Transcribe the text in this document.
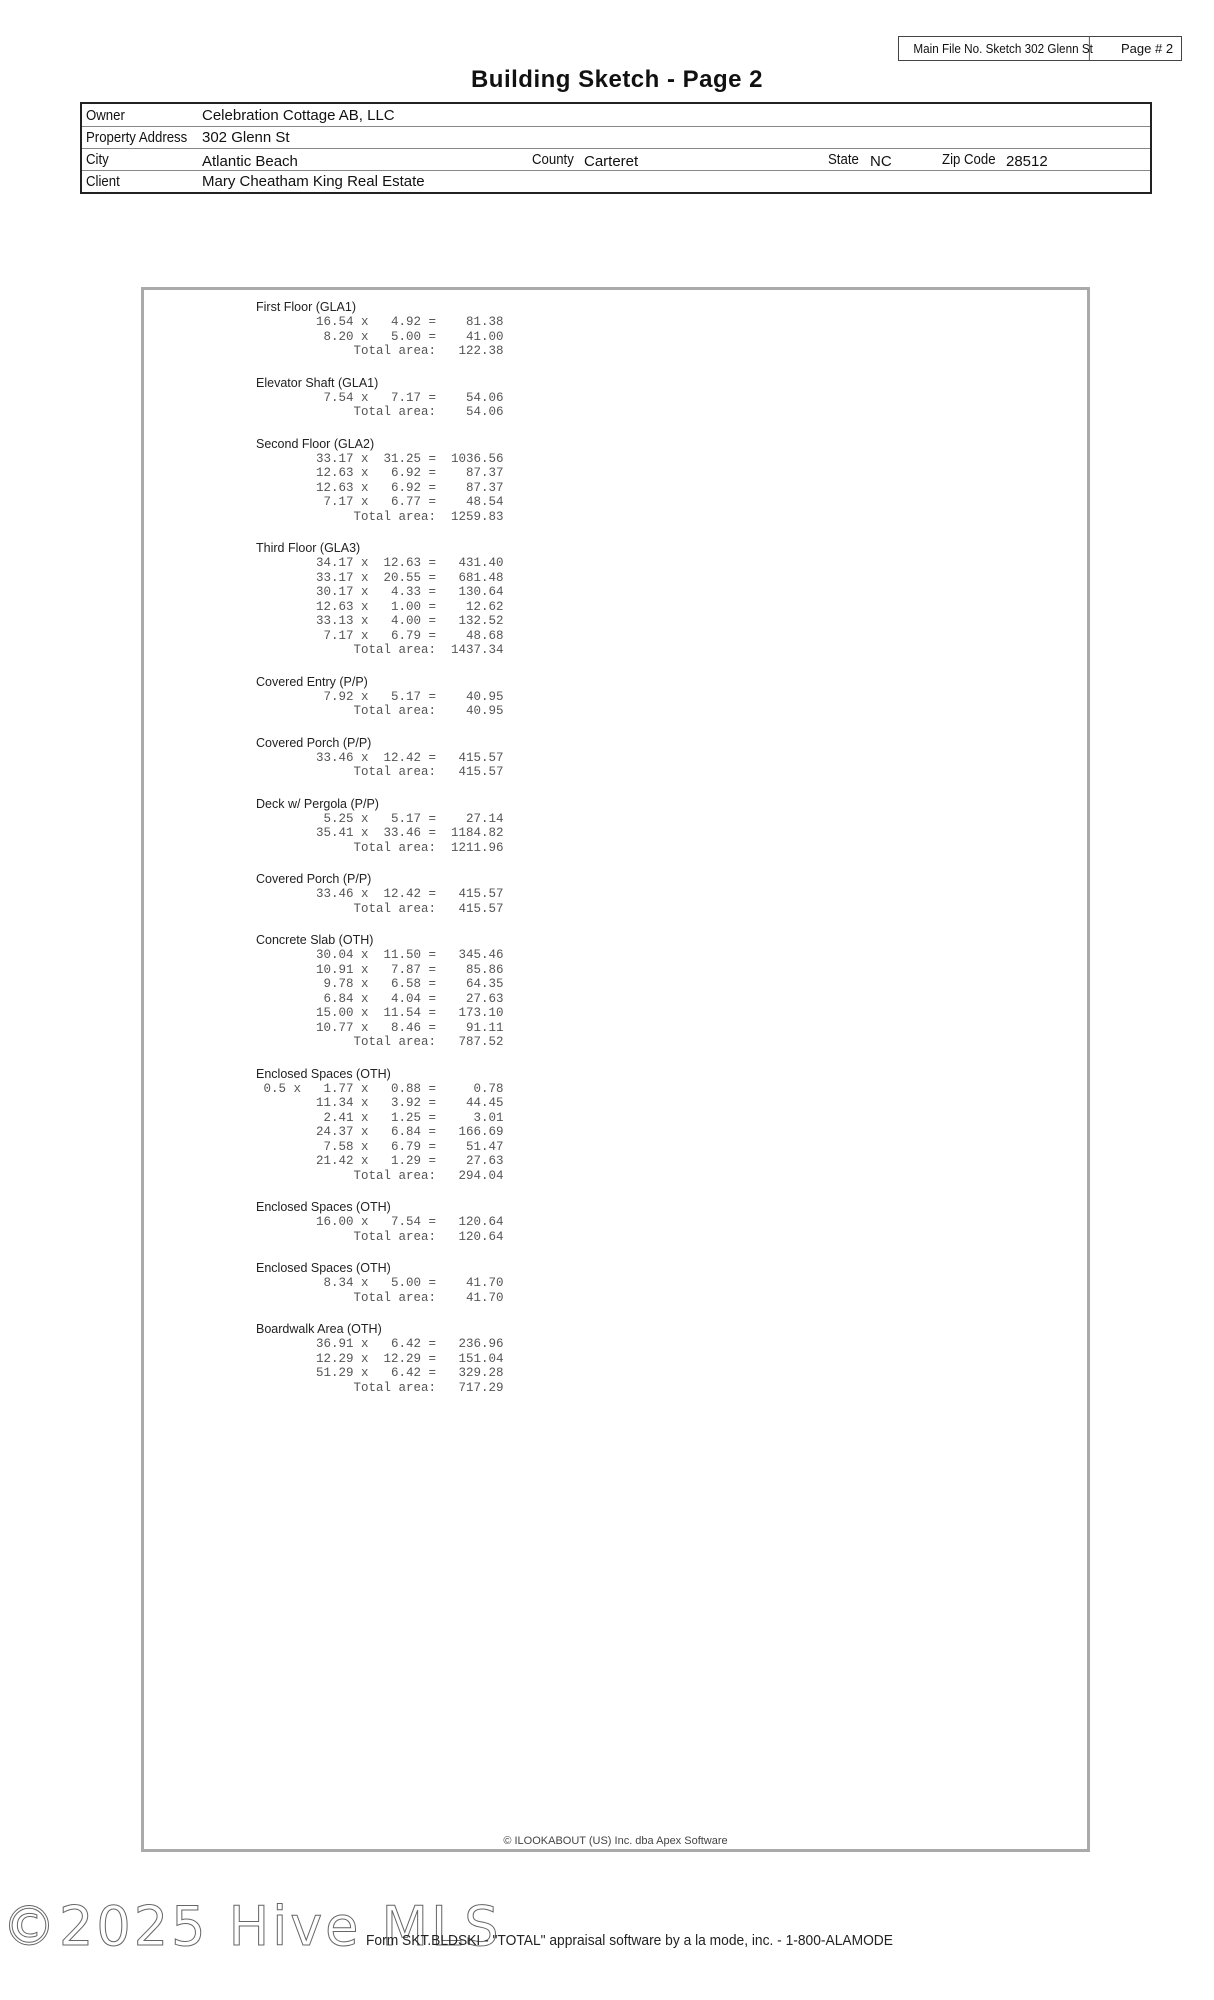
Main File No. Sketch 302 Glenn St	Page # 2
Building Sketch - Page 2
Owner	Celebration Cottage AB, LLC
Property Address 302 Glenn St
City	Atlantic Beach	County Carteret	State NC	Zip Code 28512
Client	Mary Cheatham King Real Estate
First Floor (GLA1)
16.54 x   4.92 =    81.38
8.20 x   5.00 =    41.00
Total area:   122.38
Elevator Shaft (GLA1)
7.54 x   7.17 =    54.06
Total area:    54.06
Second Floor (GLA2)
33.17 x  31.25 =  1036.56
12.63 x   6.92 =    87.37
12.63 x   6.92 =    87.37
7.17 x   6.77 =    48.54
Total area:  1259.83
Third Floor (GLA3)
34.17 x  12.63 =   431.40
33.17 x  20.55 =   681.48
30.17 x   4.33 =   130.64
12.63 x   1.00 =    12.62
33.13 x   4.00 =   132.52
7.17 x   6.79 =    48.68
Total area:  1437.34
Covered Entry (P/P)
7.92 x   5.17 =    40.95
Total area:    40.95
Covered Porch (P/P)
33.46 x  12.42 =   415.57
Total area:   415.57
Deck w/ Pergola (P/P)
5.25 x   5.17 =    27.14
35.41 x  33.46 =  1184.82
Total area:  1211.96
Covered Porch (P/P)
33.46 x  12.42 =   415.57
Total area:   415.57
Concrete Slab (OTH)
30.04 x  11.50 =   345.46
10.91 x   7.87 =    85.86
9.78 x   6.58 =    64.35
6.84 x   4.04 =    27.63
15.00 x  11.54 =   173.10
10.77 x   8.46 =    91.11
Total area:   787.52
Enclosed Spaces (OTH)
0.5 x   1.77 x   0.88 =     0.78
11.34 x   3.92 =    44.45
2.41 x   1.25 =     3.01
24.37 x   6.84 =   166.69
7.58 x   6.79 =    51.47
21.42 x   1.29 =    27.63
Total area:   294.04
Enclosed Spaces (OTH)
16.00 x   7.54 =   120.64
Total area:   120.64
Enclosed Spaces (OTH)
8.34 x   5.00 =    41.70
Total area:    41.70
Boardwalk Area (OTH)
36.91 x   6.42 =   236.96
12.29 x  12.29 =   151.04
51.29 x   6.42 =   329.28
Total area:   717.29
© ILOOKABOUT (US) Inc. dba Apex Software
©2025 Hive MLS
Form SKT.BLDSKI - "TOTAL" appraisal software by a la mode, inc. - 1-800-ALAMODE
